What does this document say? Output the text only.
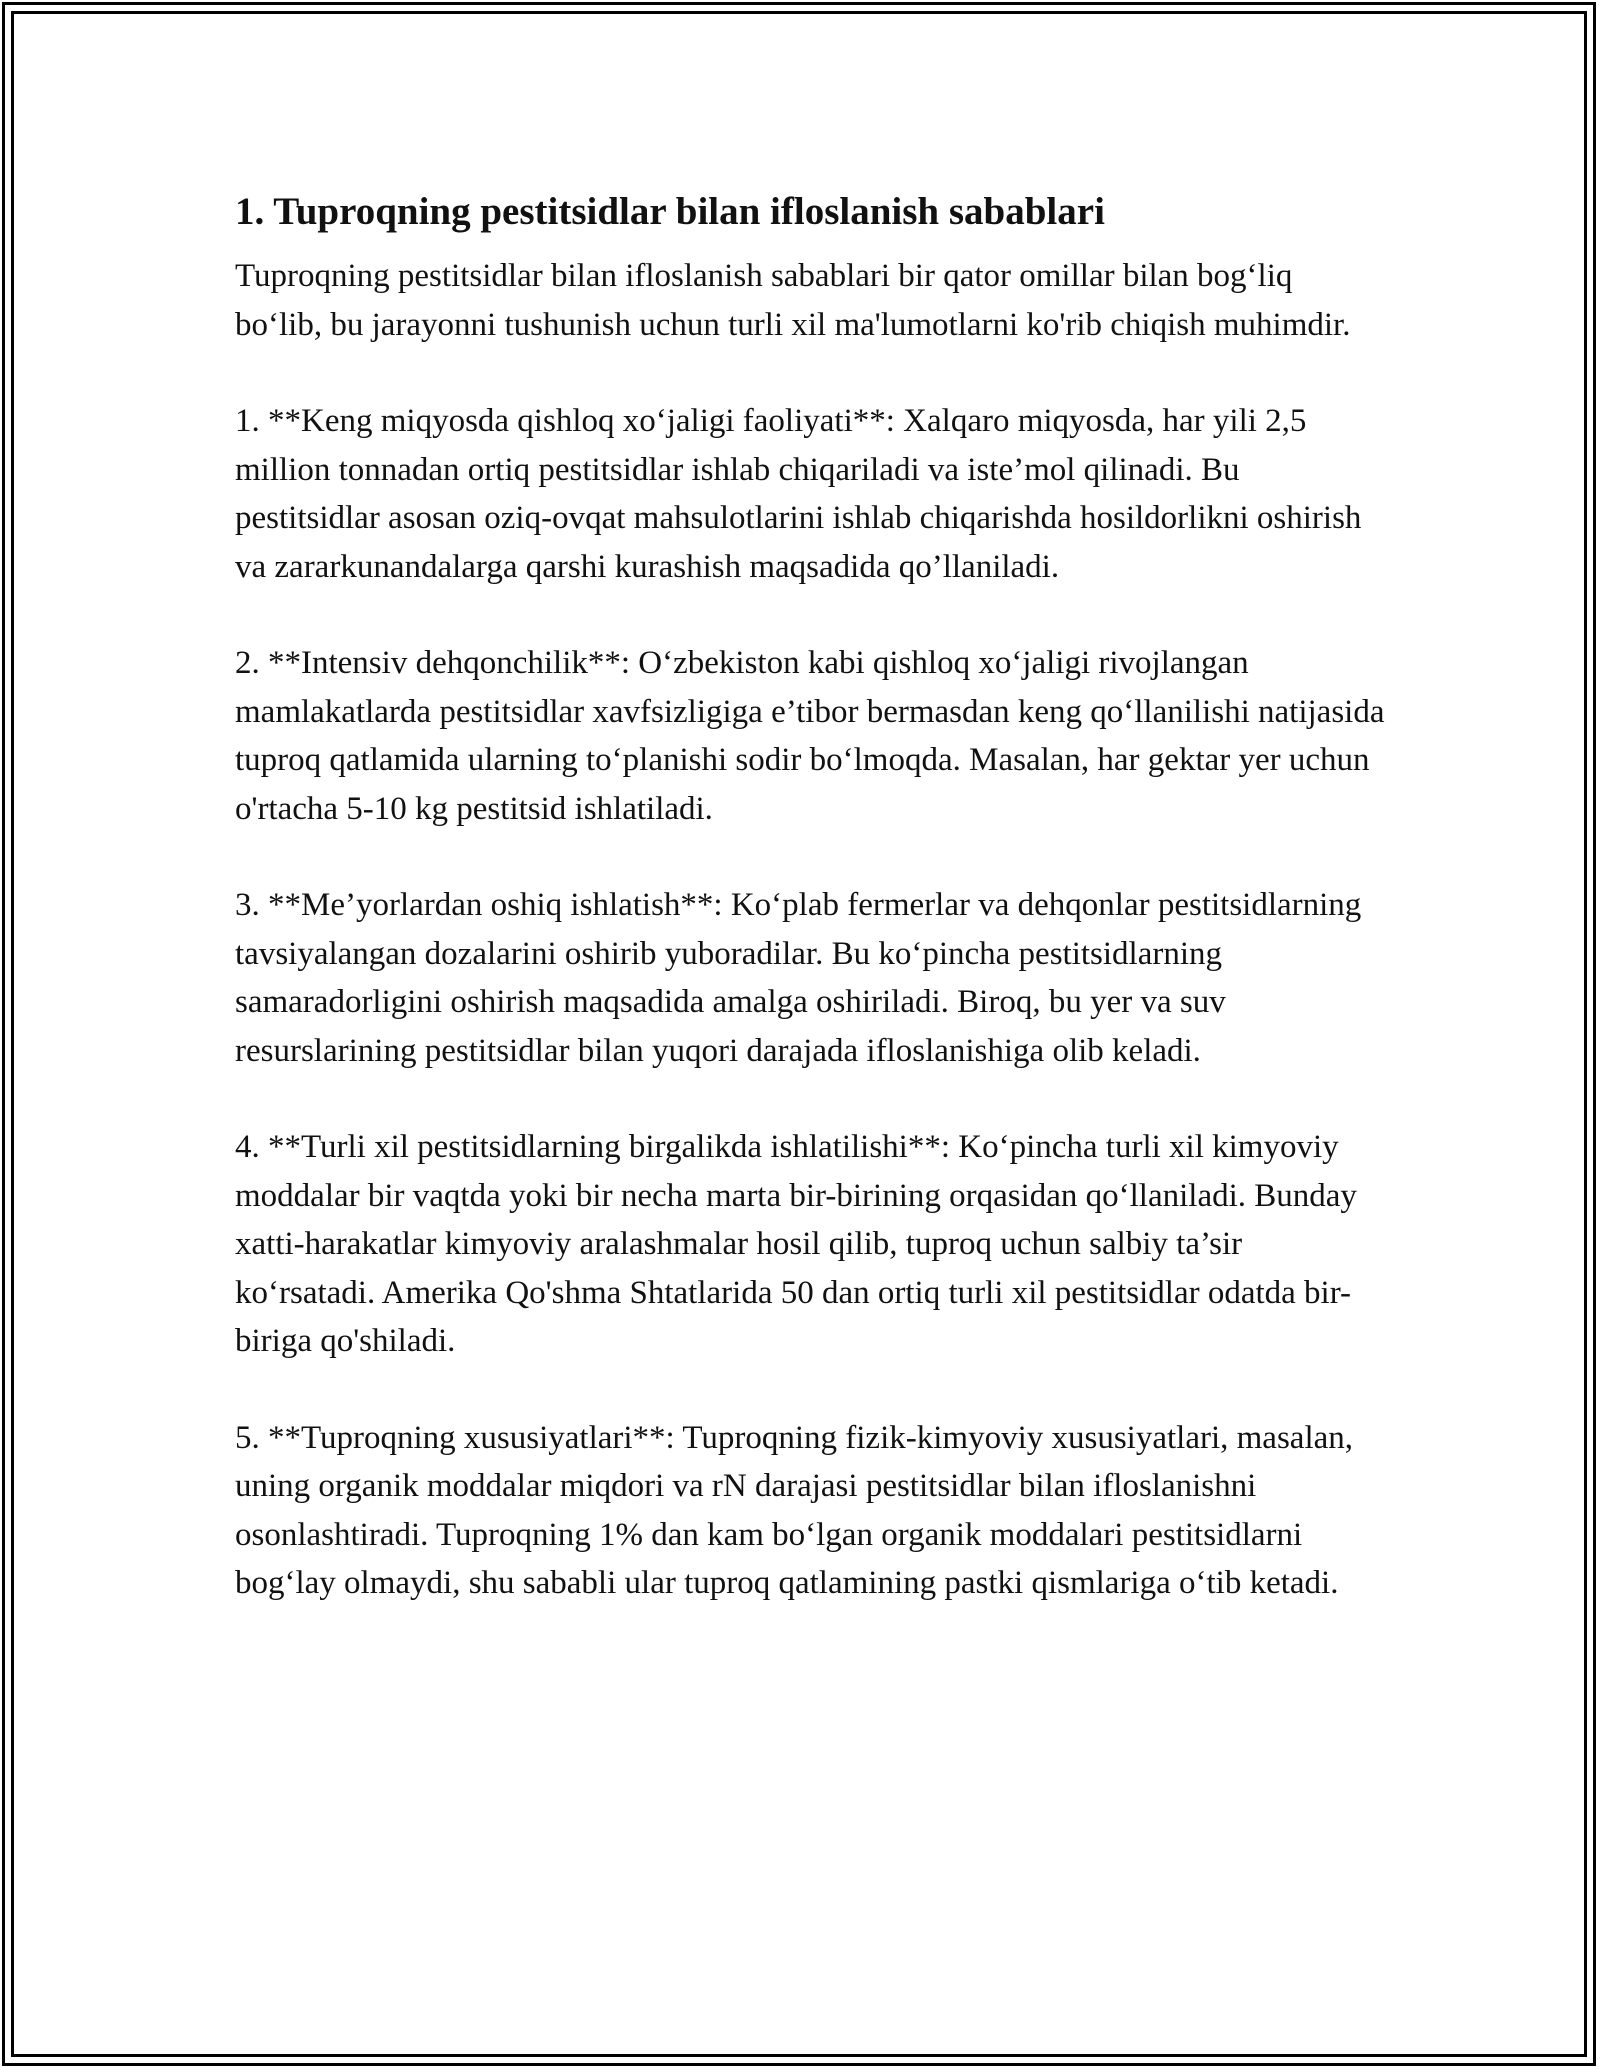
1. Tuproqning pestitsidlar bilan ifloslanish sabablari

Tuproqning pestitsidlar bilan ifloslanish sabablari bir qator omillar bilan bog‘liq bo‘lib, bu jarayonni tushunish uchun turli xil ma'lumotlarni ko'rib chiqish muhimdir.

1. **Keng miqyosda qishloq xo‘jaligi faoliyati**: Xalqaro miqyosda, har yili 2,5 million tonnadan ortiq pestitsidlar ishlab chiqariladi va iste’mol qilinadi. Bu pestitsidlar asosan oziq-ovqat mahsulotlarini ishlab chiqarishda hosildorlikni oshirish va zararkunandalarga qarshi kurashish maqsadida qo’llaniladi.

2. **Intensiv dehqonchilik**: O‘zbekiston kabi qishloq xo‘jaligi rivojlangan mamlakatlarda pestitsidlar xavfsizligiga e’tibor bermasdan keng qo‘llanilishi natijasida tuproq qatlamida ularning to‘planishi sodir bo‘lmoqda. Masalan, har gektar yer uchun o'rtacha 5-10 kg pestitsid ishlatiladi.

3. **Me’yorlardan oshiq ishlatish**: Ko‘plab fermerlar va dehqonlar pestitsidlarning tavsiyalangan dozalarini oshirib yuboradilar. Bu ko‘pincha pestitsidlarning samaradorligini oshirish maqsadida amalga oshiriladi. Biroq, bu yer va suv resurslarining pestitsidlar bilan yuqori darajada ifloslanishiga olib keladi.

4. **Turli xil pestitsidlarning birgalikda ishlatilishi**: Ko‘pincha turli xil kimyoviy moddalar bir vaqtda yoki bir necha marta bir-birining orqasidan qo‘llaniladi. Bunday xatti-harakatlar kimyoviy aralashmalar hosil qilib, tuproq uchun salbiy ta’sir ko‘rsatadi. Amerika Qo'shma Shtatlarida 50 dan ortiq turli xil pestitsidlar odatda bir-biriga qo'shiladi.

5. **Tuproqning xususiyatlari**: Tuproqning fizik-kimyoviy xususiyatlari, masalan, uning organik moddalar miqdori va rN darajasi pestitsidlar bilan ifloslanishni osonlashtiradi. Tuproqning 1% dan kam bo‘lgan organik moddalari pestitsidlarni bog‘lay olmaydi, shu sababli ular tuproq qatlamining pastki qismlariga o‘tib ketadi.
